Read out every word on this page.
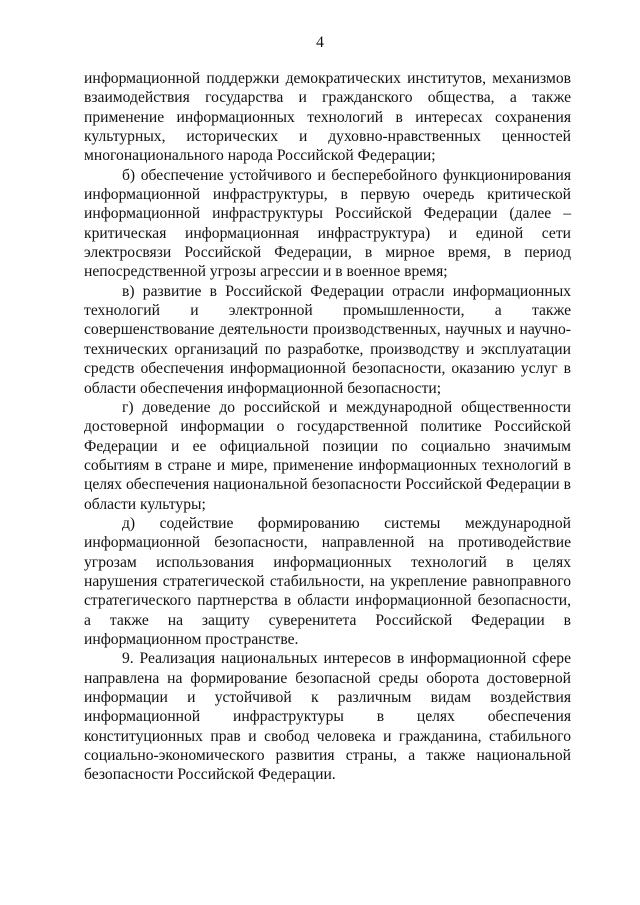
4

информационной поддержки демократических институтов, механизмов взаимодействия государства и гражданского общества, а также применение информационных технологий в интересах сохранения культурных, исторических и духовно-нравственных ценностей многонационального народа Российской Федерации;

б) обеспечение устойчивого и бесперебойного функционирования информационной инфраструктуры, в первую очередь критической информационной инфраструктуры Российской Федерации (далее – критическая информационная инфраструктура) и единой сети электросвязи Российской Федерации, в мирное время, в период непосредственной угрозы агрессии и в военное время;

в) развитие в Российской Федерации отрасли информационных технологий и электронной промышленности, а также совершенствование деятельности производственных, научных и научно-технических организаций по разработке, производству и эксплуатации средств обеспечения информационной безопасности, оказанию услуг в области обеспечения информационной безопасности;

г) доведение до российской и международной общественности достоверной информации о государственной политике Российской Федерации и ее официальной позиции по социально значимым событиям в стране и мире, применение информационных технологий в целях обеспечения национальной безопасности Российской Федерации в области культуры;

д) содействие формированию системы международной информационной безопасности, направленной на противодействие угрозам использования информационных технологий в целях нарушения стратегической стабильности, на укрепление равноправного стратегического партнерства в области информационной безопасности, а также на защиту суверенитета Российской Федерации в информационном пространстве.

9. Реализация национальных интересов в информационной сфере направлена на формирование безопасной среды оборота достоверной информации и устойчивой к различным видам воздействия информационной инфраструктуры в целях обеспечения конституционных прав и свобод человека и гражданина, стабильного социально-экономического развития страны, а также национальной безопасности Российской Федерации.
